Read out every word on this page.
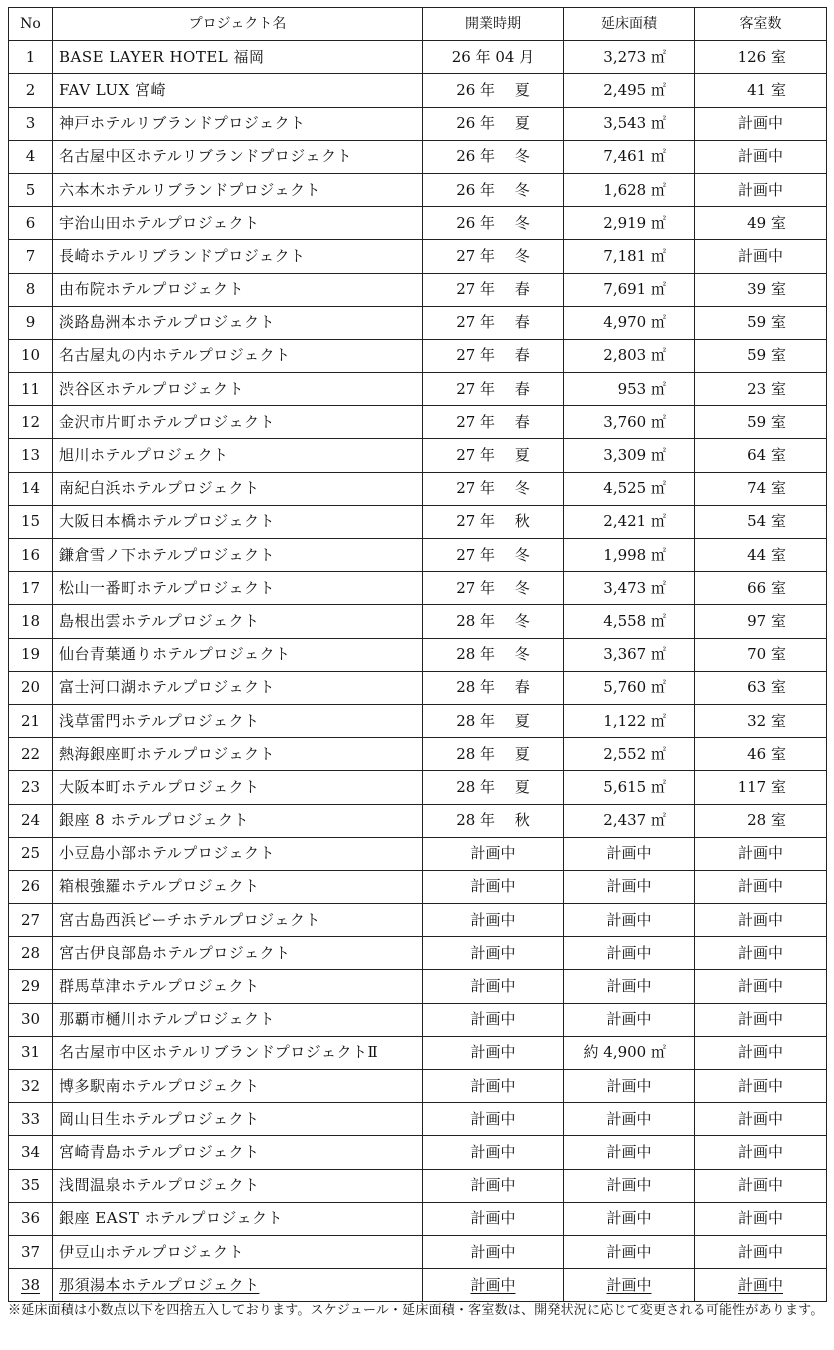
No	プロジェクト名	開業時期	延床面積	客室数
1	BASE LAYER HOTEL 福岡	26 年 04 月	3,273 ㎡	126 室
2	FAV LUX 宮崎	26 年　 夏	2,495 ㎡	41 室
3	神戸ホテルリブランドプロジェクト	26 年　 夏	3,543 ㎡	計画中
4	名古屋中区ホテルリブランドプロジェクト	26 年　 冬	7,461 ㎡	計画中
5	六本木ホテルリブランドプロジェクト	26 年　 冬	1,628 ㎡	計画中
6	宇治山田ホテルプロジェクト	26 年　 冬	2,919 ㎡	49 室
7	長崎ホテルリブランドプロジェクト	27 年　 冬	7,181 ㎡	計画中
8	由布院ホテルプロジェクト	27 年　 春	7,691 ㎡	39 室
9	淡路島洲本ホテルプロジェクト	27 年　 春	4,970 ㎡	59 室
10	名古屋丸の内ホテルプロジェクト	27 年　 春	2,803 ㎡	59 室
11	渋谷区ホテルプロジェクト	27 年　 春	953 ㎡	23 室
12	金沢市片町ホテルプロジェクト	27 年　 春	3,760 ㎡	59 室
13	旭川ホテルプロジェクト	27 年　 夏	3,309 ㎡	64 室
14	南紀白浜ホテルプロジェクト	27 年　 冬	4,525 ㎡	74 室
15	大阪日本橋ホテルプロジェクト	27 年　 秋	2,421 ㎡	54 室
16	鎌倉雪ノ下ホテルプロジェクト	27 年　 冬	1,998 ㎡	44 室
17	松山一番町ホテルプロジェクト	27 年　 冬	3,473 ㎡	66 室
18	島根出雲ホテルプロジェクト	28 年　 冬	4,558 ㎡	97 室
19	仙台青葉通りホテルプロジェクト	28 年　 冬	3,367 ㎡	70 室
20	富士河口湖ホテルプロジェクト	28 年　 春	5,760 ㎡	63 室
21	浅草雷門ホテルプロジェクト	28 年　 夏	1,122 ㎡	32 室
22	熱海銀座町ホテルプロジェクト	28 年　 夏	2,552 ㎡	46 室
23	大阪本町ホテルプロジェクト	28 年　 夏	5,615 ㎡	117 室
24	銀座 8 ホテルプロジェクト	28 年　 秋	2,437 ㎡	28 室
25	小豆島小部ホテルプロジェクト	計画中	計画中	計画中
26	箱根強羅ホテルプロジェクト	計画中	計画中	計画中
27	宮古島西浜ビーチホテルプロジェクト	計画中	計画中	計画中
28	宮古伊良部島ホテルプロジェクト	計画中	計画中	計画中
29	群馬草津ホテルプロジェクト	計画中	計画中	計画中
30	那覇市樋川ホテルプロジェクト	計画中	計画中	計画中
31	名古屋市中区ホテルリブランドプロジェクトⅡ	計画中	約 4,900 ㎡	計画中
32	博多駅南ホテルプロジェクト	計画中	計画中	計画中
33	岡山日生ホテルプロジェクト	計画中	計画中	計画中
34	宮崎青島ホテルプロジェクト	計画中	計画中	計画中
35	浅間温泉ホテルプロジェクト	計画中	計画中	計画中
36	銀座 EAST ホテルプロジェクト	計画中	計画中	計画中
37	伊豆山ホテルプロジェクト	計画中	計画中	計画中
38	那須湯本ホテルプロジェクト	計画中	計画中	計画中
※延床面積は小数点以下を四捨五入しております。スケジュール・延床面積・客室数は、開発状況に応じて変更される可能性があります。
